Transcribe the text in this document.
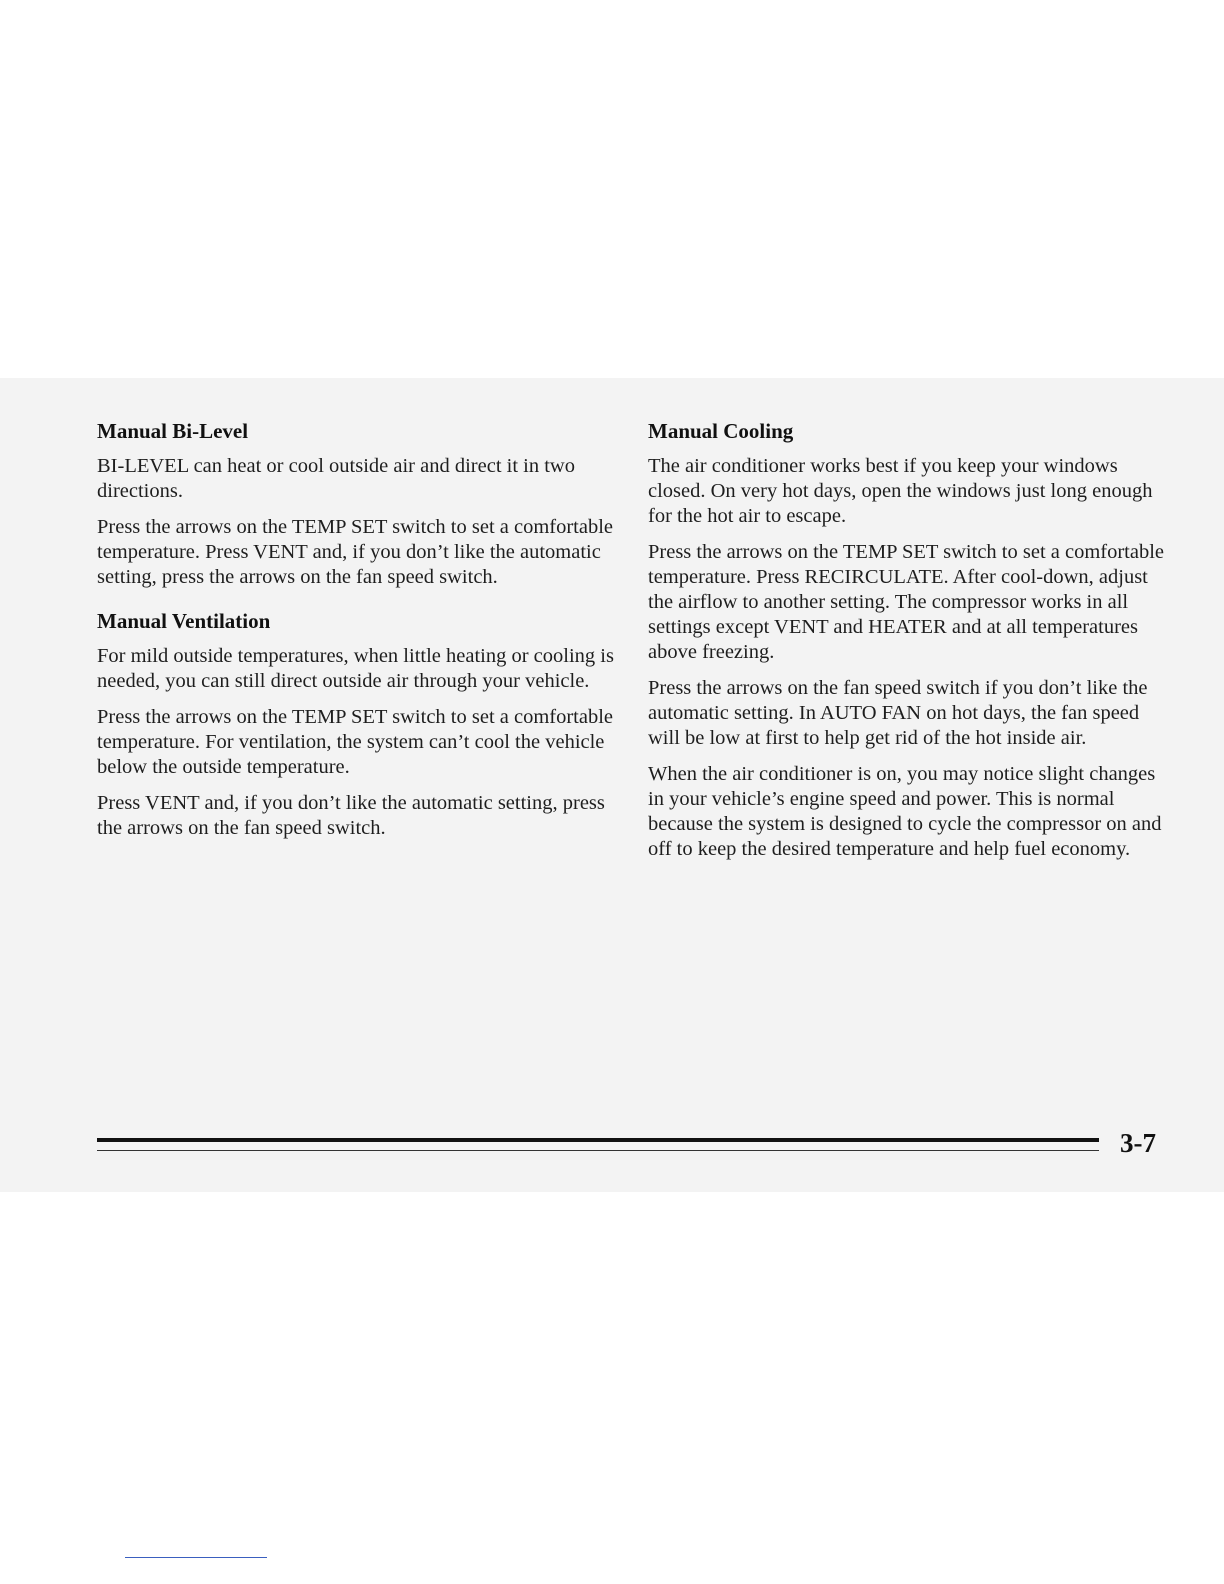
Manual Bi-Level

BI-LEVEL can heat or cool outside air and direct it in two directions.

Press the arrows on the TEMP SET switch to set a comfortable temperature. Press VENT and, if you don’t like the automatic setting, press the arrows on the fan speed switch.

Manual Ventilation

For mild outside temperatures, when little heating or cooling is needed, you can still direct outside air through your vehicle.

Press the arrows on the TEMP SET switch to set a comfortable temperature. For ventilation, the system can’t cool the vehicle below the outside temperature.

Press VENT and, if you don’t like the automatic setting, press the arrows on the fan speed switch.

Manual Cooling

The air conditioner works best if you keep your windows closed. On very hot days, open the windows just long enough for the hot air to escape.

Press the arrows on the TEMP SET switch to set a comfortable temperature. Press RECIRCULATE. After cool-down, adjust the airflow to another setting. The compressor works in all settings except VENT and HEATER and at all temperatures above freezing.

Press the arrows on the fan speed switch if you don’t like the automatic setting. In AUTO FAN on hot days, the fan speed will be low at first to help get rid of the hot inside air.

When the air conditioner is on, you may notice slight changes in your vehicle’s engine speed and power. This is normal because the system is designed to cycle the compressor on and off to keep the desired temperature and help fuel economy.

3-7
